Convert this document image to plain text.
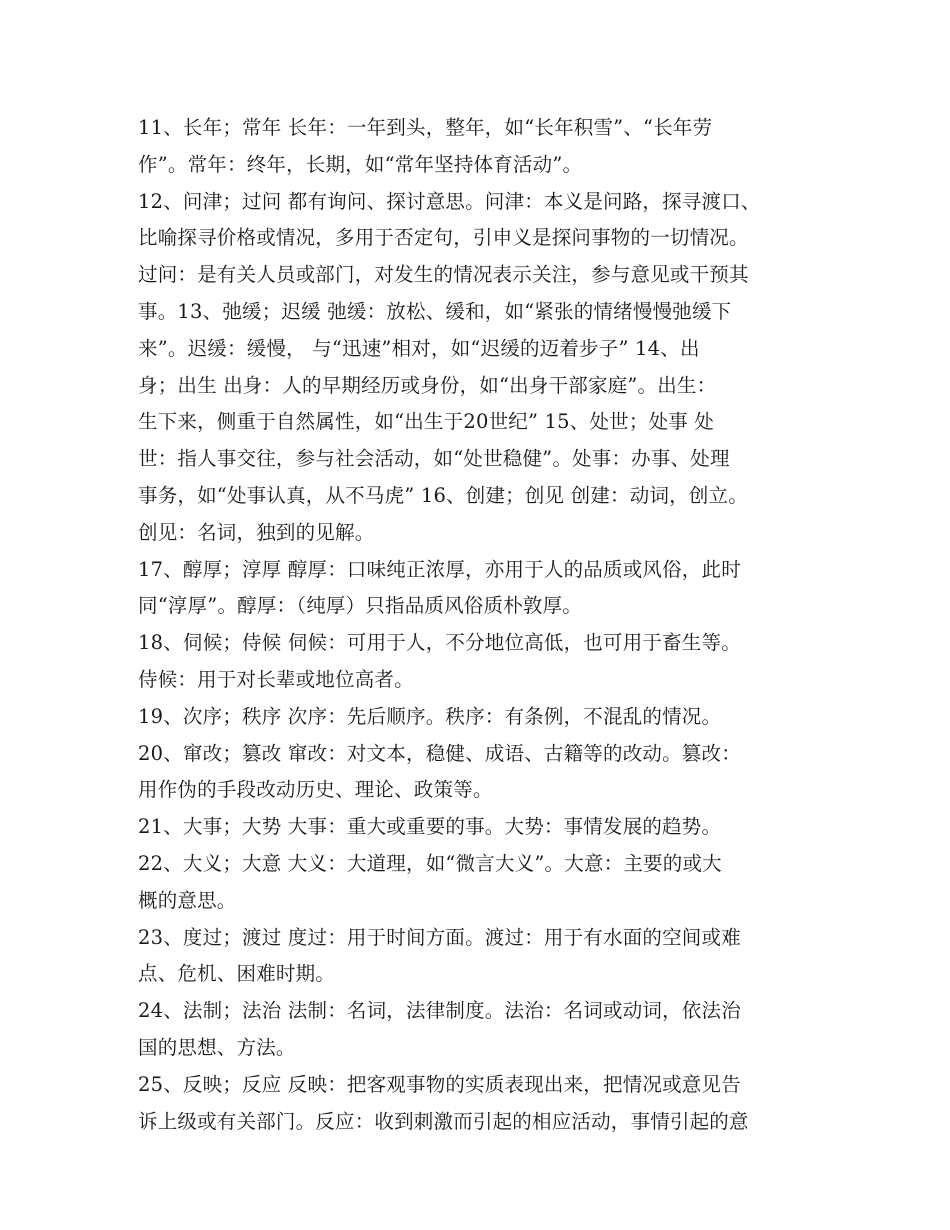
11、长年；常年 长年：一年到头，整年，如“长年积雪”、“长年劳
作”。常年：终年，长期，如“常年坚持体育活动”。
12、问津；过问 都有询问、探讨意思。问津：本义是问路，探寻渡口、
比喻探寻价格或情况，多用于否定句，引申义是探问事物的一切情况。
过问：是有关人员或部门，对发生的情况表示关注，参与意见或干预其
事。13、弛缓；迟缓 弛缓：放松、缓和，如“紧张的情绪慢慢弛缓下
来”。迟缓：缓慢， 与“迅速”相对，如“迟缓的迈着步子” 14、出
身；出生 出身：人的早期经历或身份，如“出身干部家庭”。出生：
生下来，侧重于自然属性，如“出生于20世纪” 15、处世；处事 处
世：指人事交往，参与社会活动，如“处世稳健”。处事：办事、处理
事务，如“处事认真，从不马虎” 16、创建；创见 创建：动词，创立。
创见：名词，独到的见解。
17、醇厚；淳厚 醇厚：口味纯正浓厚，亦用于人的品质或风俗，此时
同“淳厚”。醇厚：（纯厚）只指品质风俗质朴敦厚。
18、伺候；侍候 伺候：可用于人，不分地位高低，也可用于畜生等。
侍候：用于对长辈或地位高者。
19、次序；秩序 次序：先后顺序。秩序：有条例，不混乱的情况。
20、窜改；篡改 窜改：对文本，稳健、成语、古籍等的改动。篡改：
用作伪的手段改动历史、理论、政策等。
21、大事；大势 大事：重大或重要的事。大势：事情发展的趋势。
22、大义；大意 大义：大道理，如“微言大义”。大意：主要的或大
概的意思。
23、度过；渡过 度过：用于时间方面。渡过：用于有水面的空间或难
点、危机、困难时期。
24、法制；法治 法制：名词，法律制度。法治：名词或动词，依法治
国的思想、方法。
25、反映；反应 反映：把客观事物的实质表现出来，把情况或意见告
诉上级或有关部门。反应：收到刺激而引起的相应活动，事情引起的意
